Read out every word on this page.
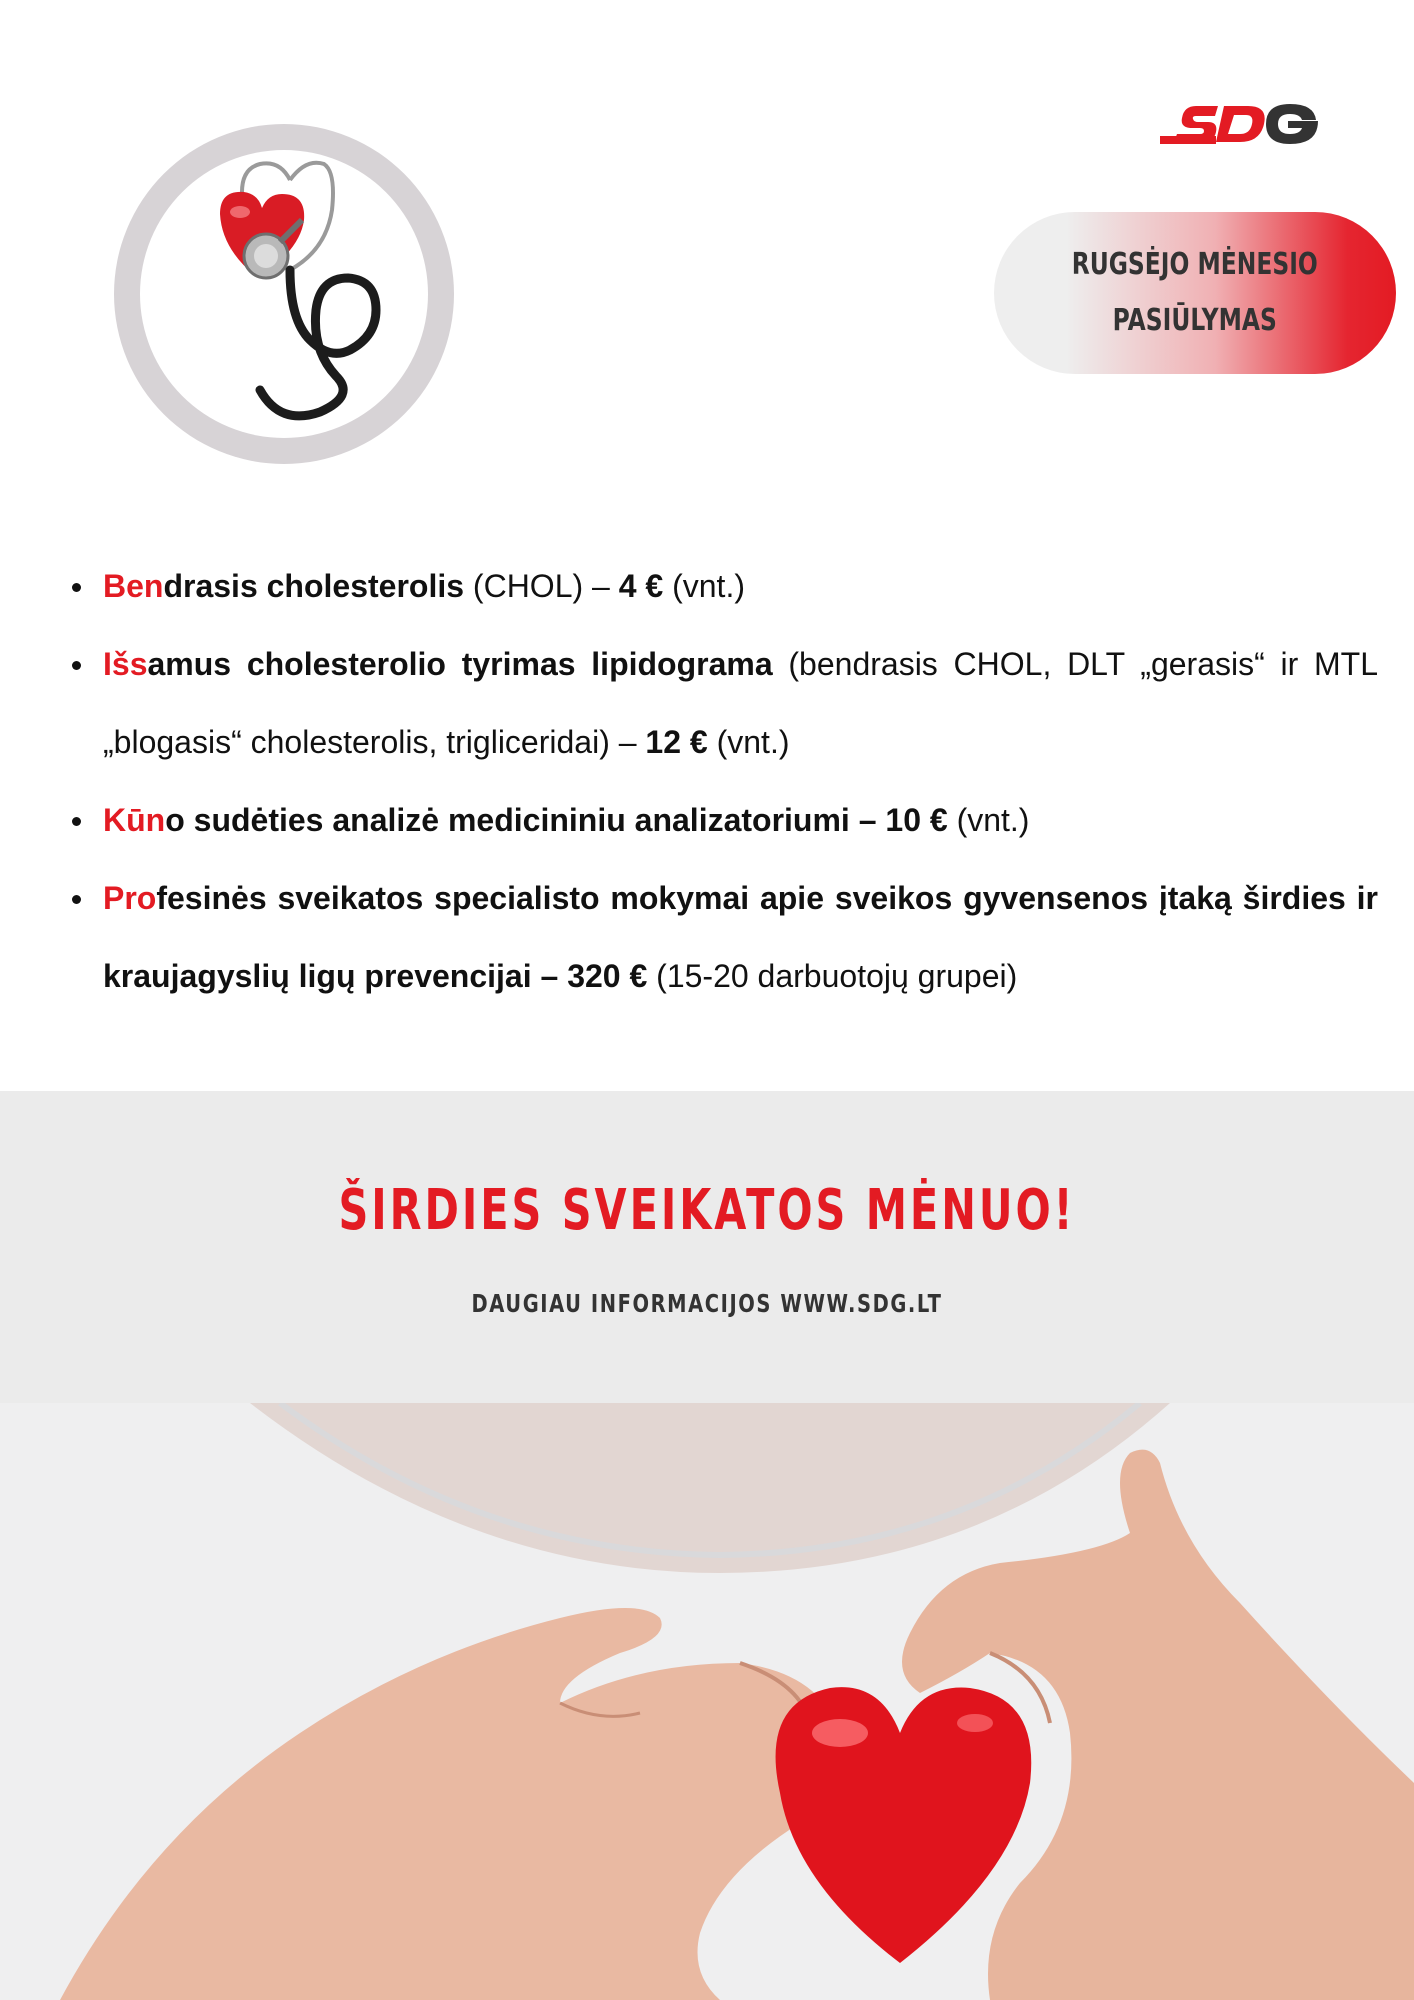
RUGSĖJO MĖNESIO
PASIŪLYMAS
Bendrasis cholesterolis (CHOL) – 4 € (vnt.)
Išsamus cholesterolio tyrimas lipidograma (bendrasis CHOL, DLT „gerasis“ ir MTL „blogasis“ cholesterolis, trigliceridai) – 12 € (vnt.)
Kūno sudėties analizė medicininiu analizatoriumi – 10 € (vnt.)
Profesinės sveikatos specialisto mokymai apie sveikos gyvensenos įtaką širdies ir kraujagyslių ligų prevencijai – 320 € (15-20 darbuotojų grupei)
ŠIRDIES SVEIKATOS MĖNUO!
DAUGIAU INFORMACIJOS WWW.SDG.LT
